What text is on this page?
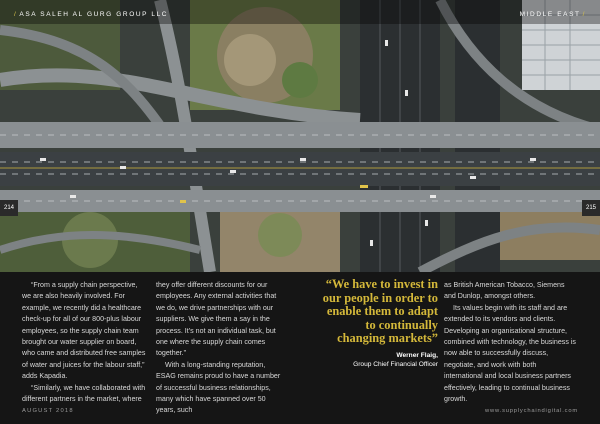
/ ASA SALEH AL GURG GROUP LLC	MIDDLE EAST /
214	215

“From a supply chain perspective, we are also heavily involved. For example, we recently did a healthcare check-up for all of our 800-plus labour employees, so the supply chain team brought our water supplier on board, who came and distributed free samples of water and juices for the labour staff,” adds Kapadia.

“Similarly, we have collaborated with different partners in the market, where

they offer different discounts for our employees. Any external activities that we do, we drive partnerships with our suppliers. We give them a say in the process. It’s not an individual task, but one where the supply chain comes together.”

With a long-standing reputation, ESAG remains proud to have a number of successful business relationships, many which have spanned over 50 years, such

“We have to invest in our people in order to enable them to adapt to continually changing markets”

Werner Flaig,
Group Chief Financial Officer

as British American Tobacco, Siemens and Dunlop, amongst others.

Its values begin with its staff and are extended to its vendors and clients. Developing an organisational structure, combined with technology, the business is now able to successfully discuss, negotiate, and work with both international and local business partners effectively, leading to continual business growth.

AUGUST 2018	www.supplychaindigital.com
